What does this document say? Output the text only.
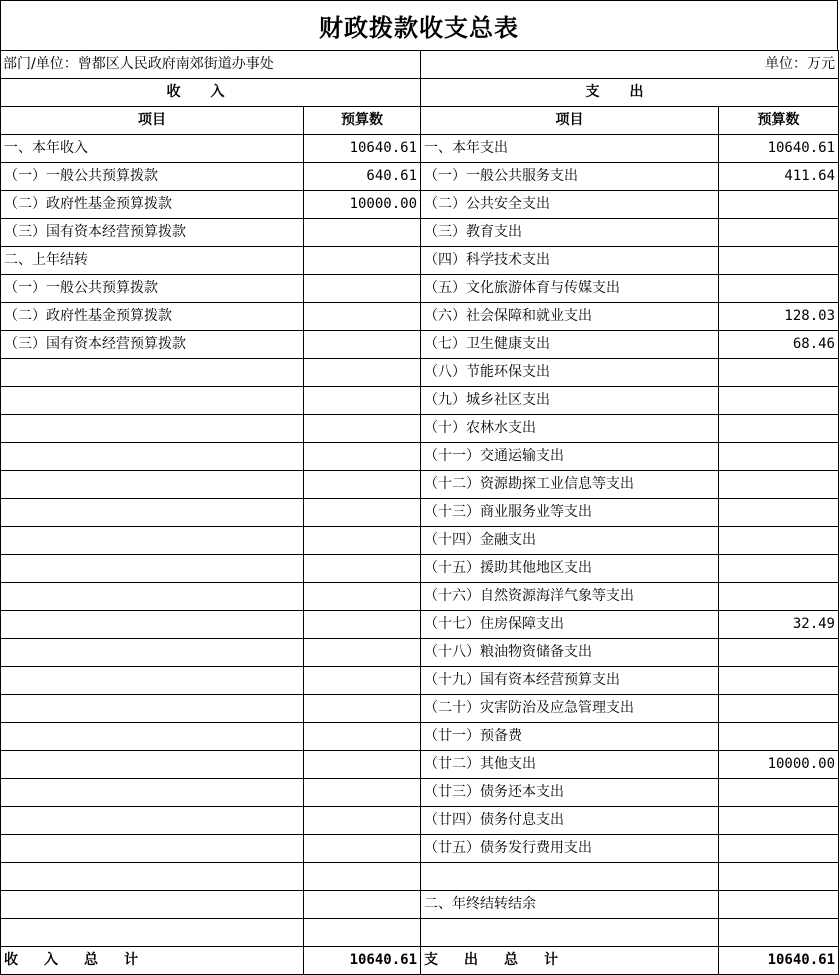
财政拨款收支总表
部门/单位：曾都区人民政府南郊街道办事处		单位：万元	
收入		支出	
项目	预算数	项目	预算数
一、本年收入	10640.61	一、本年支出	10640.61
（一）一般公共预算拨款	640.61	（一）一般公共服务支出	411.64
（二）政府性基金预算拨款	10000.00	（二）公共安全支出	
（三）国有资本经营预算拨款		（三）教育支出	
二、上年结转		（四）科学技术支出	
（一）一般公共预算拨款		（五）文化旅游体育与传媒支出	
（二）政府性基金预算拨款		（六）社会保障和就业支出	128.03
（三）国有资本经营预算拨款		（七）卫生健康支出	68.46
		（八）节能环保支出	
		（九）城乡社区支出	
		（十）农林水支出	
		（十一）交通运输支出	
		（十二）资源勘探工业信息等支出	
		（十三）商业服务业等支出	
		（十四）金融支出	
		（十五）援助其他地区支出	
		（十六）自然资源海洋气象等支出	
		（十七）住房保障支出	32.49
		（十八）粮油物资储备支出	
		（十九）国有资本经营预算支出	
		（二十）灾害防治及应急管理支出	
		（廿一）预备费	
		（廿二）其他支出	10000.00
		（廿三）债务还本支出	
		（廿四）债务付息支出	
		（廿五）债务发行费用支出	

		二、年终结转结余	

收入总计	10640.61	支出总计	10640.61
